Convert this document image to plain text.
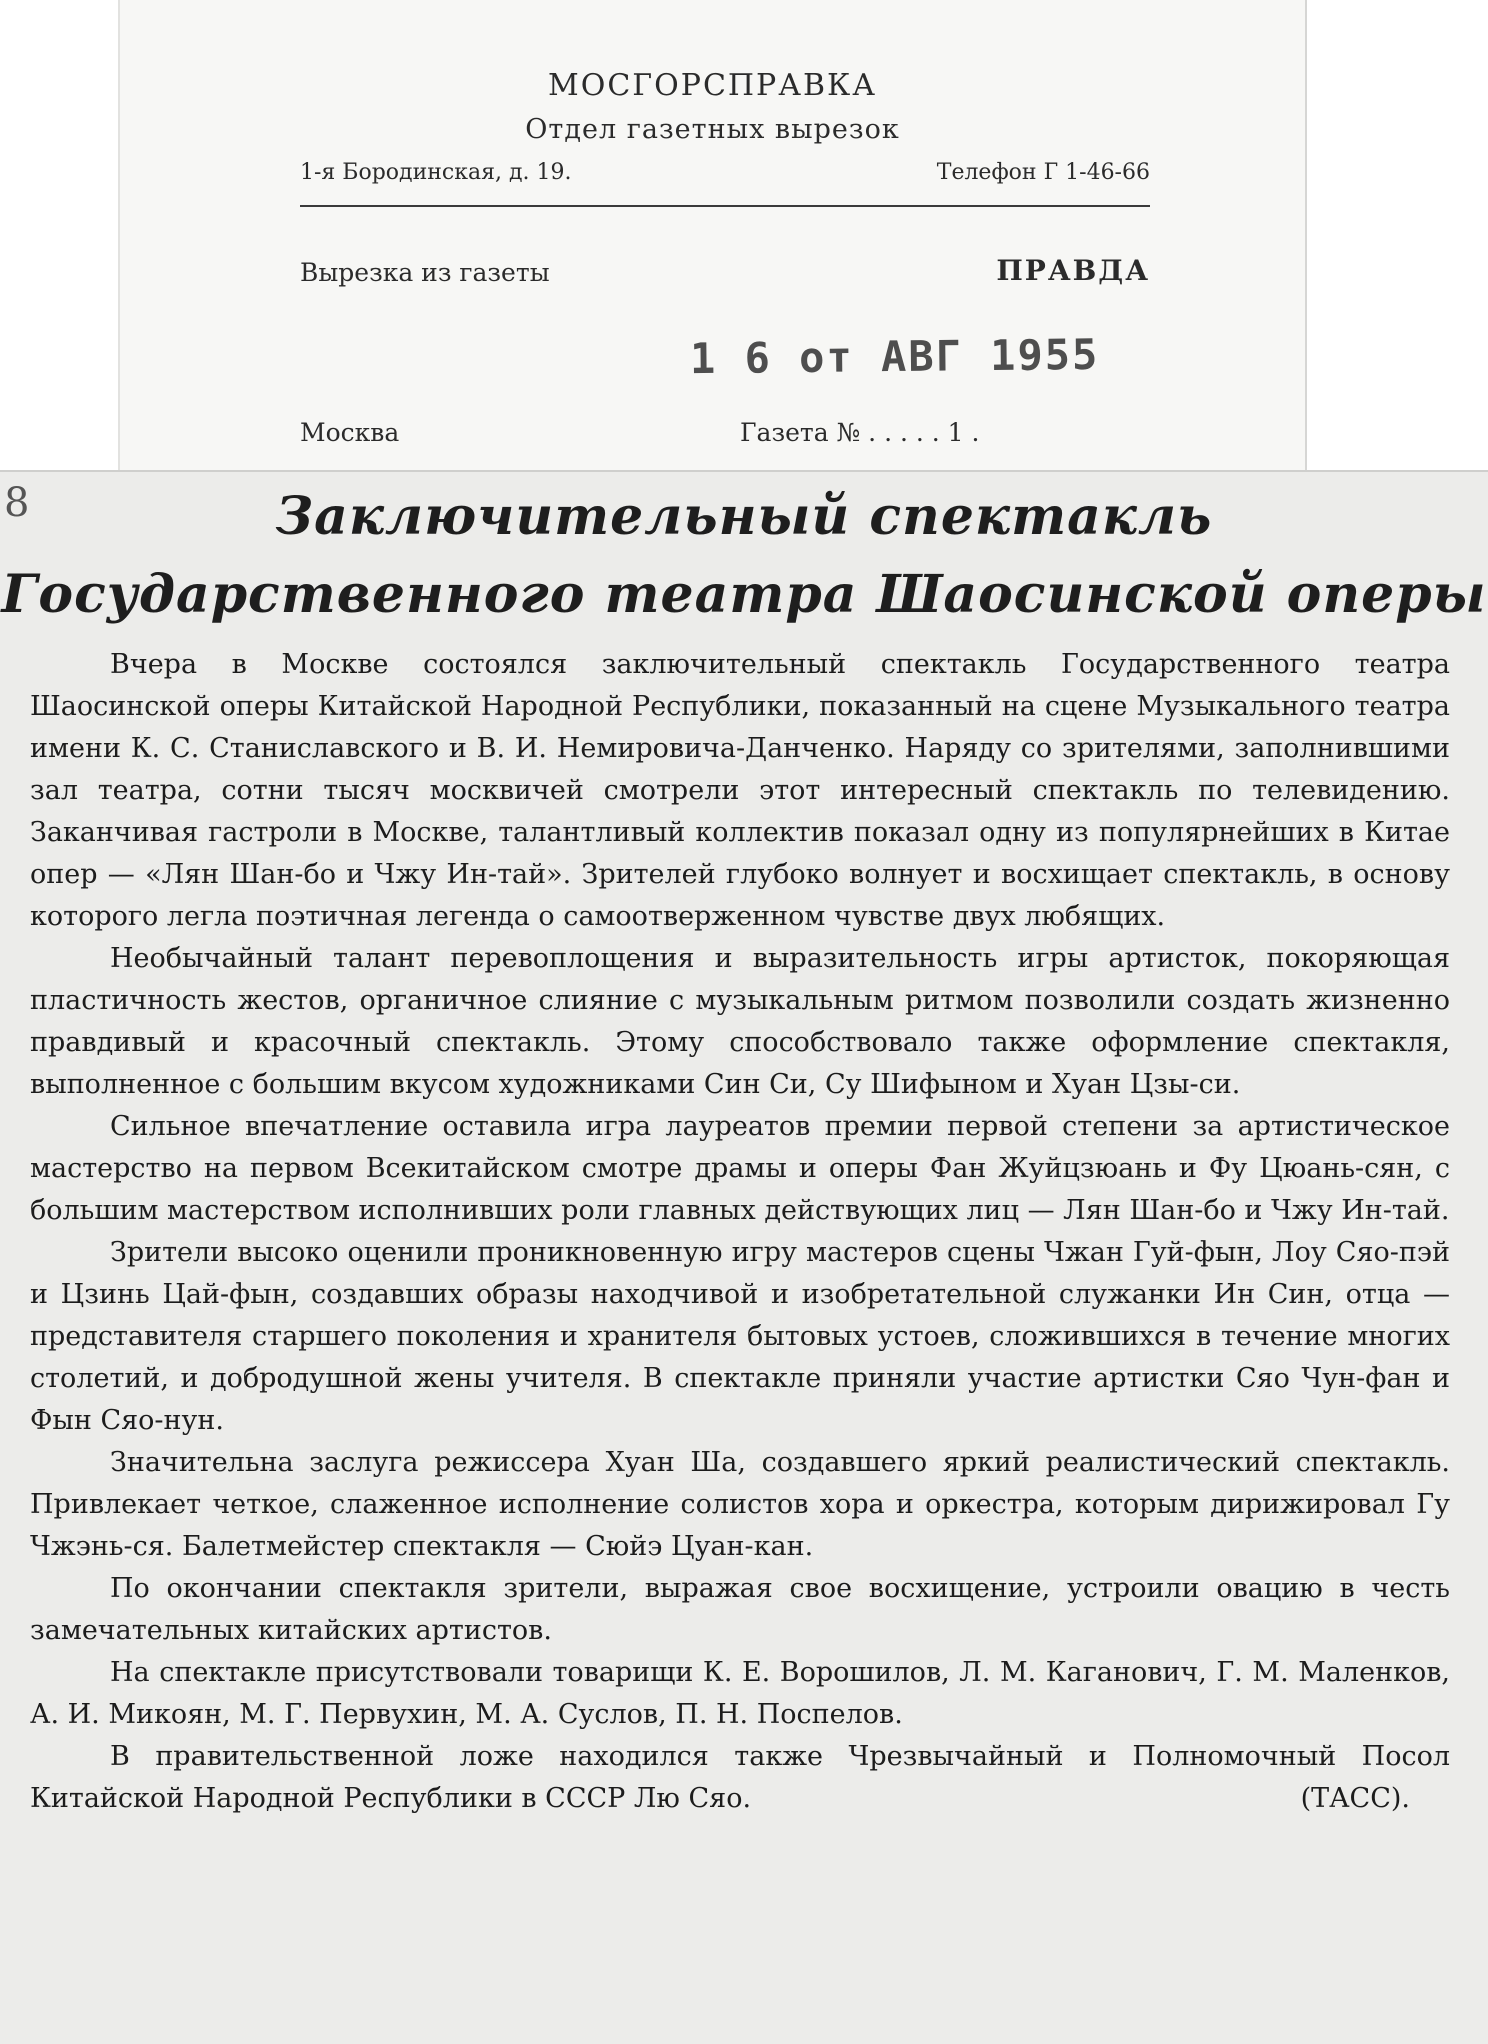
МОСГОРСПРАВКА
Отдел газетных вырезок
1-я Бородинская, д. 19.	Телефон Г 1-46-66
Вырезка из газеты	ПРАВДА
1 6 от АВГ 1955
Москва	Газета № . . . . . 1 .
8	Заключительный спектакль
Государственного театра Шаосинской оперы

Вчера в Москве состоялся заключительный спектакль Государственного театра Шаосинской оперы Китайской Народной Республики, показанный на сцене Музыкального театра имени К. С. Станиславского и В. И. Немировича-Данченко. Наряду со зрителями, заполнившими зал театра, сотни тысяч москвичей смотрели этот интересный спектакль по телевидению. Заканчивая гастроли в Москве, талантливый коллектив показал одну из популярнейших в Китае опер — «Лян Шан-бо и Чжу Ин-тай». Зрителей глубоко волнует и восхищает спектакль, в основу которого легла поэтичная легенда о самоотверженном чувстве двух любящих.

Необычайный талант перевоплощения и выразительность игры артисток, покоряющая пластичность жестов, органичное слияние с музыкальным ритмом позволили создать жизненно правдивый и красочный спектакль. Этому способствовало также оформление спектакля, выполненное с большим вкусом художниками Син Си, Су Шифыном и Хуан Цзы-си.

Сильное впечатление оставила игра лауреатов премии первой степени за артистическое мастерство на первом Всекитайском смотре драмы и оперы Фан Жуйцзюань и Фу Цюань-сян, с большим мастерством исполнивших роли главных действующих лиц — Лян Шан-бо и Чжу Ин-тай.

Зрители высоко оценили проникновенную игру мастеров сцены Чжан Гуй-фын, Лоу Сяо-пэй и Цзинь Цай-фын, создавших образы находчивой и изобретательной служанки Ин Син, отца — представителя старшего поколения и хранителя бытовых устоев, сложившихся в течение многих столетий, и добродушной жены учителя. В спектакле приняли участие артистки Сяо Чун-фан и Фын Сяо-нун.

Значительна заслуга режиссера Хуан Ша, создавшего яркий реалистический спектакль. Привлекает четкое, слаженное исполнение солистов хора и оркестра, которым дирижировал Гу Чжэнь-ся. Балетмейстер спектакля — Сюйэ Цуан-кан.

По окончании спектакля зрители, выражая свое восхищение, устроили овацию в честь замечательных китайских артистов.

На спектакле присутствовали товарищи К. Е. Ворошилов, Л. М. Каганович, Г. М. Маленков, А. И. Микоян, М. Г. Первухин, М. А. Суслов, П. Н. Поспелов.

В правительственной ложе находился также Чрезвычайный и Полномочный Посол Китайской Народной Республики в СССР Лю Сяо.	(ТАСС).
